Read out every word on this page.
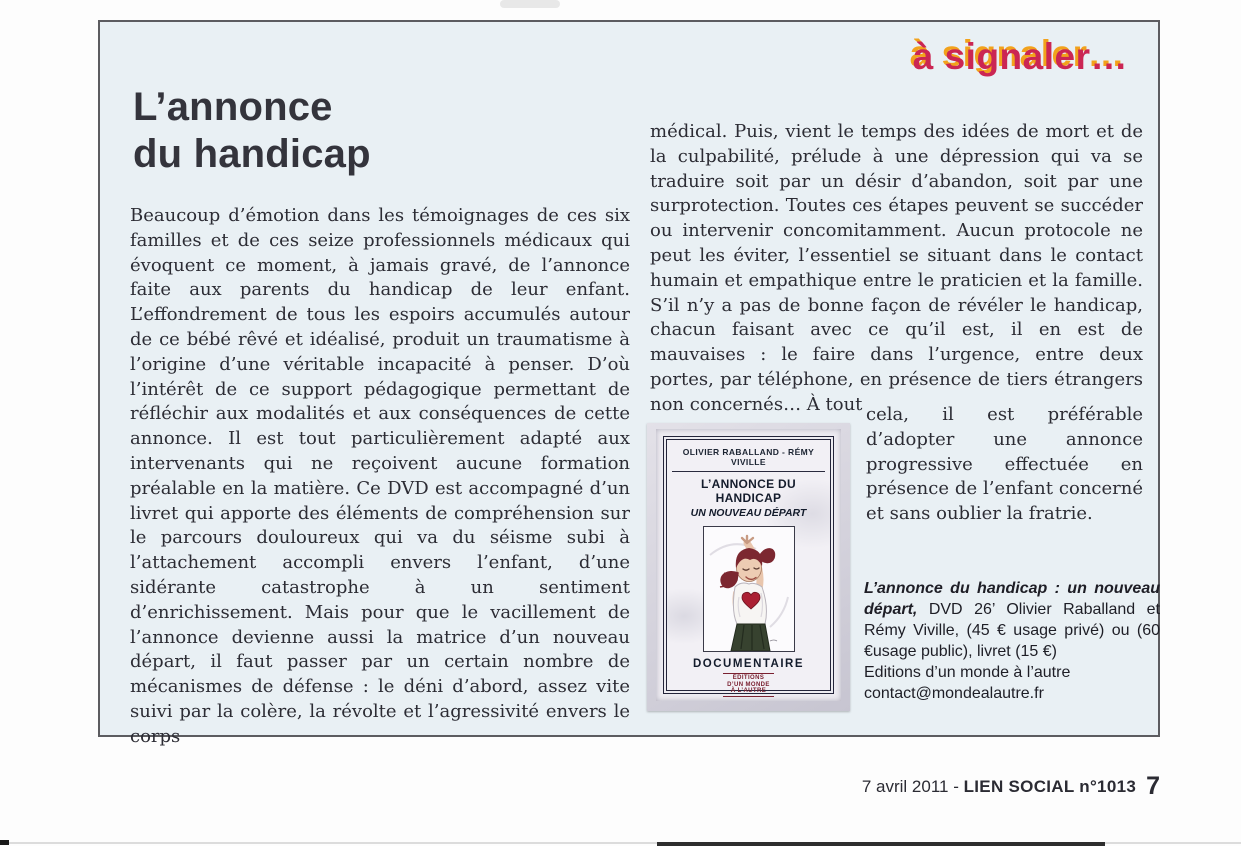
à signaler…
L’annonce
du handicap

Beaucoup d’émotion dans les témoignages de ces six familles et de ces seize professionnels médicaux qui évoquent ce moment, à jamais gravé, de l’annonce faite aux parents du handicap de leur enfant. L’effondrement de tous les espoirs accumulés autour de ce bébé rêvé et idéalisé, produit un traumatisme à l’origine d’une véritable incapacité à penser. D’où l’intérêt de ce support pédagogique permettant de réfléchir aux modalités et aux conséquences de cette annonce. Il est tout particulièrement adapté aux intervenants qui ne reçoivent aucune formation préalable en la matière. Ce DVD est accompagné d’un livret qui apporte des éléments de compréhension sur le parcours douloureux qui va du séisme subi à l’attachement accompli envers l’enfant, d’une sidérante catastrophe à un sentiment d’enrichissement. Mais pour que le vacillement de l’annonce devienne aussi la matrice d’un nouveau départ, il faut passer par un certain nombre de mécanismes de défense : le déni d’abord, assez vite suivi par la colère, la révolte et l’agressivité envers le corps

médical. Puis, vient le temps des idées de mort et de la culpabilité, prélude à une dépression qui va se traduire soit par un désir d’abandon, soit par une surprotection. Toutes ces étapes peuvent se succéder ou intervenir concomitamment. Aucun protocole ne peut les éviter, l’essentiel se situant dans le contact humain et empathique entre le praticien et la famille. S’il n’y a pas de bonne façon de révéler le handicap, chacun faisant avec ce qu’il est, il en est de mauvaises : le faire dans l’urgence, entre deux portes, par téléphone, en présence de tiers étrangers non concernés… À tout

OLIVIER RABALLAND - RÉMY VIVILLE
L’ANNONCE DU HANDICAP
UN NOUVEAU DÉPART
DOCUMENTAIRE
ÉDITIONS
D’UN MONDE
À L’AUTRE

cela, il est préférable d’adopter une annonce progressive effectuée en présence de l’enfant concerné et sans oublier la fratrie.

L’annonce du handicap : un nouveau départ, DVD 26’ Olivier Raballand et Rémy Viville, (45 € usage privé) ou (60 €usage public), livret (15 €)

Editions d’un monde à l’autre
contact@mondealautre.fr
7 avril 2011 - LIEN SOCIAL n°1013 7
